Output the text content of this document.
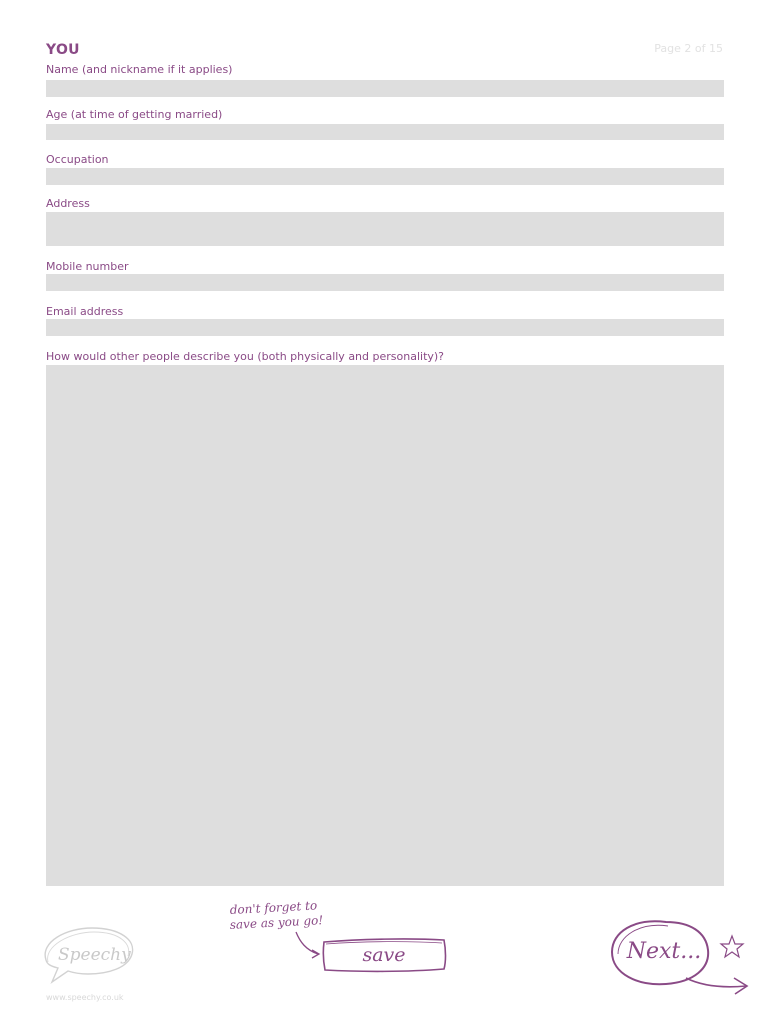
YOU	Page 2 of 15
Name (and nickname if it applies)
Age (at time of getting married)
Occupation
Address
Mobile number
Email address
How would other people describe you (both physically and personality)?
Speechy
www.speechy.co.uk
don't forget to
save as you go!
save	Next...
